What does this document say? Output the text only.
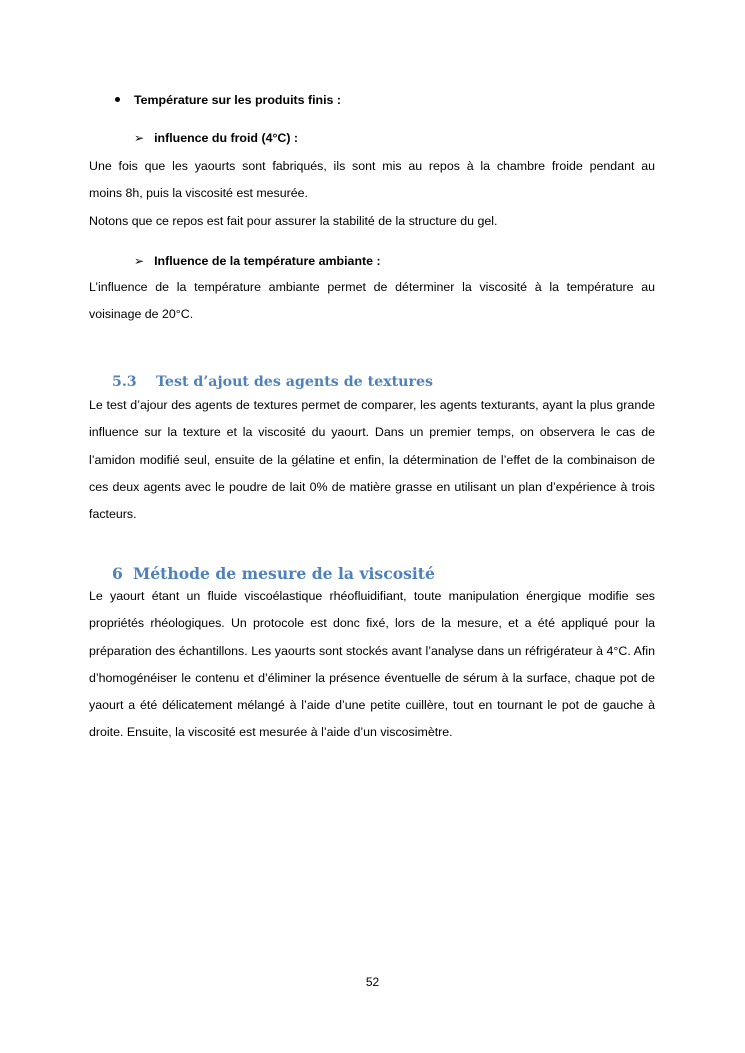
Température sur les produits finis :
➢ influence du froid (4°C) :
Une fois que les yaourts sont fabriqués, ils sont mis au repos à la chambre froide pendant au
moins 8h, puis la viscosité est mesurée.
Notons que ce repos est fait pour assurer la stabilité de la structure du gel.
➢ Influence de la température ambiante :

L’influence de la température ambiante permet de déterminer la viscosité à la température au voisinage de 20°C.

5.3 Test d’ajout des agents de textures

Le test d’ajour des agents de textures permet de comparer, les agents texturants, ayant la plus grande influence sur la texture et la viscosité du yaourt. Dans un premier temps, on observera le cas de l’amidon modifié seul, ensuite de la gélatine et enfin, la détermination de l’effet de la combinaison de ces deux agents avec le poudre de lait 0% de matière grasse en utilisant un plan d’expérience à trois facteurs.

6 Méthode de mesure de la viscosité

Le yaourt étant un fluide viscoélastique rhéofluidifiant, toute manipulation énergique modifie ses propriétés rhéologiques. Un protocole est donc fixé, lors de la mesure, et a été appliqué pour la préparation des échantillons. Les yaourts sont stockés avant l’analyse dans un réfrigérateur à 4°C. Afin d’homogénéiser le contenu et d’éliminer la présence éventuelle de sérum à la surface, chaque pot de yaourt a été délicatement mélangé à l’aide d’une petite cuillère, tout en tournant le pot de gauche à droite. Ensuite, la viscosité est mesurée à l’aide d’un viscosimètre.

52
